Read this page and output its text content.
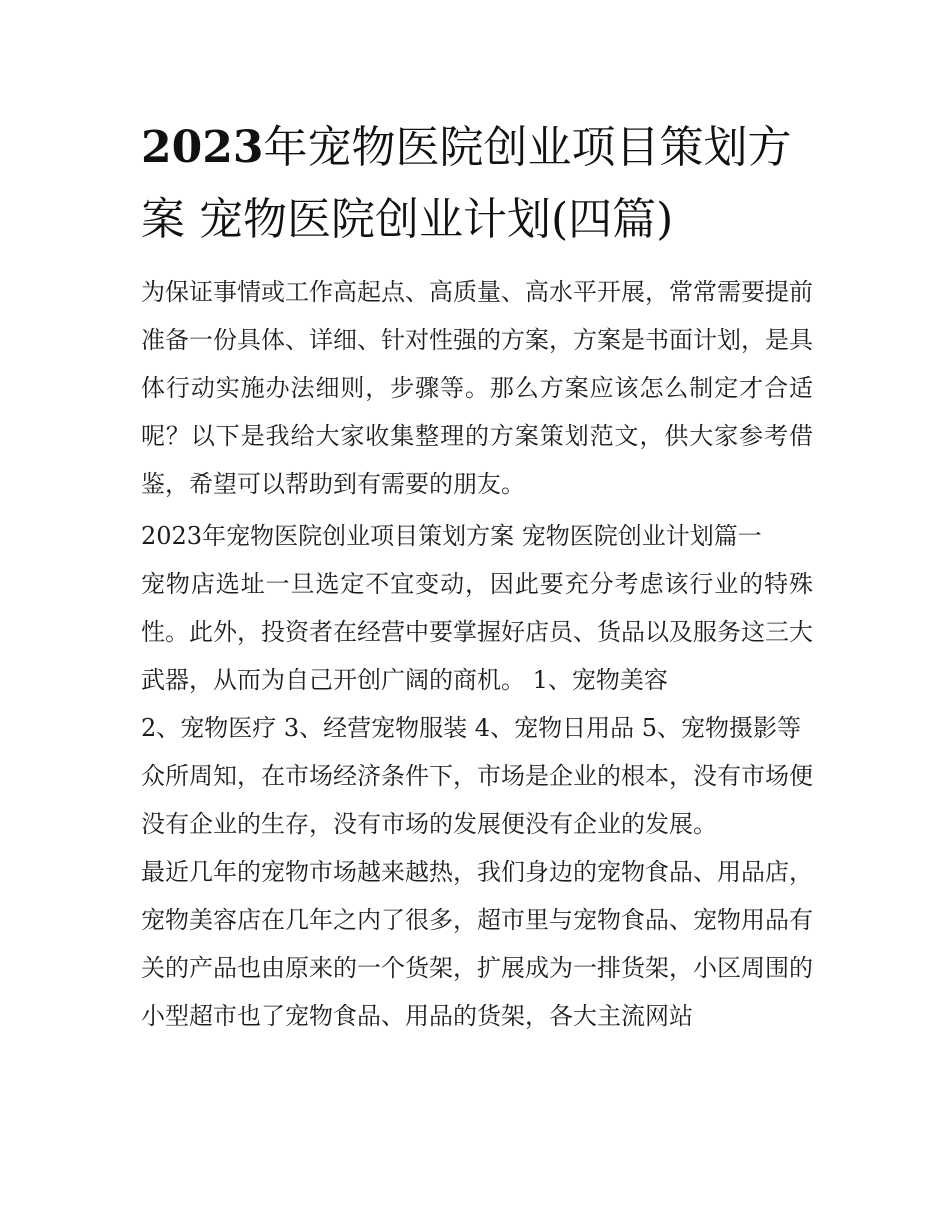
2023年宠物医院创业项目策划方案 宠物医院创业计划(四篇)

为保证事情或工作高起点、高质量、高水平开展，常常需要提前准备一份具体、详细、针对性强的方案，方案是书面计划，是具体行动实施办法细则，步骤等。那么方案应该怎么制定才合适呢？以下是我给大家收集整理的方案策划范文，供大家参考借鉴，希望可以帮助到有需要的朋友。

2023年宠物医院创业项目策划方案 宠物医院创业计划篇一

宠物店选址一旦选定不宜变动，因此要充分考虑该行业的特殊性。此外，投资者在经营中要掌握好店员、货品以及服务这三大武器，从而为自己开创广阔的商机。 1、宠物美容

2、宠物医疗 3、经营宠物服装 4、宠物日用品 5、宠物摄影等

众所周知，在市场经济条件下，市场是企业的根本，没有市场便没有企业的生存，没有市场的发展便没有企业的发展。

最近几年的宠物市场越来越热，我们身边的宠物食品、用品店，宠物美容店在几年之内了很多，超市里与宠物食品、宠物用品有关的产品也由原来的一个货架，扩展成为一排货架，小区周围的小型超市也了宠物食品、用品的货架，各大主流网站
